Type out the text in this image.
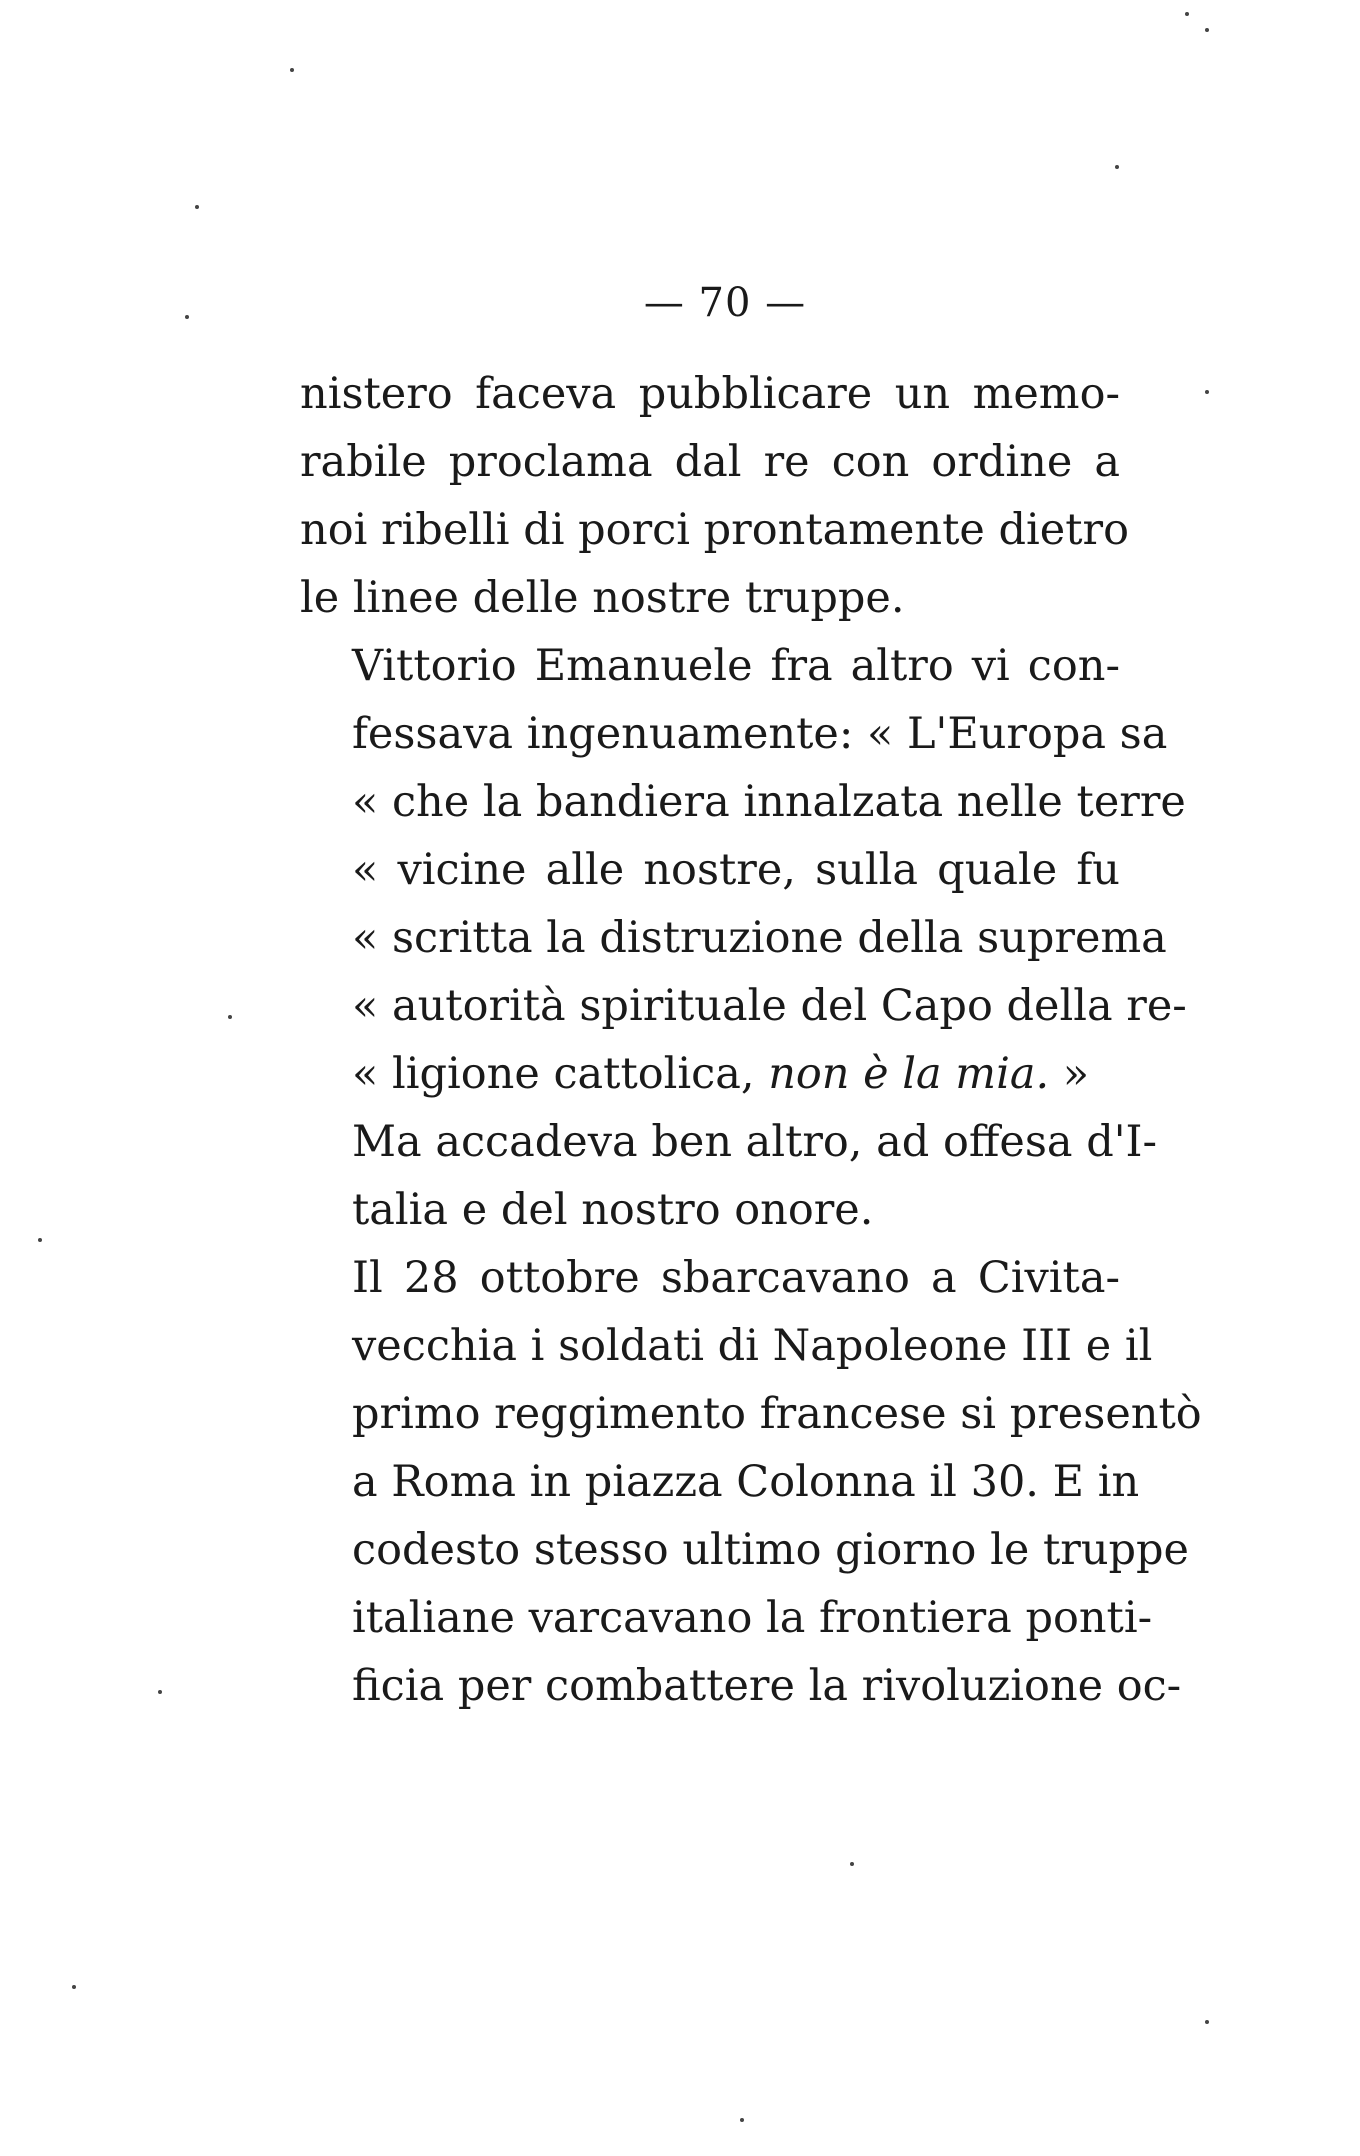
— 70 —

nistero faceva pubblicare un memo-
rabile proclama dal re con ordine a
noi ribelli di porci prontamente dietro
le linee delle nostre truppe.

Vittorio Emanuele fra altro vi con-
fessava ingenuamente: « L'Europa sa
« che la bandiera innalzata nelle terre
« vicine alle nostre, sulla quale fu
« scritta la distruzione della suprema
« autorità spirituale del Capo della re-
« ligione cattolica, non è la mia. »

Ma accadeva ben altro, ad offesa d'I-
talia e del nostro onore.

Il 28 ottobre sbarcavano a Civita-
vecchia i soldati di Napoleone III e il
primo reggimento francese si presentò
a Roma in piazza Colonna il 30. E in
codesto stesso ultimo giorno le truppe
italiane varcavano la frontiera ponti-
ficia per combattere la rivoluzione oc-
